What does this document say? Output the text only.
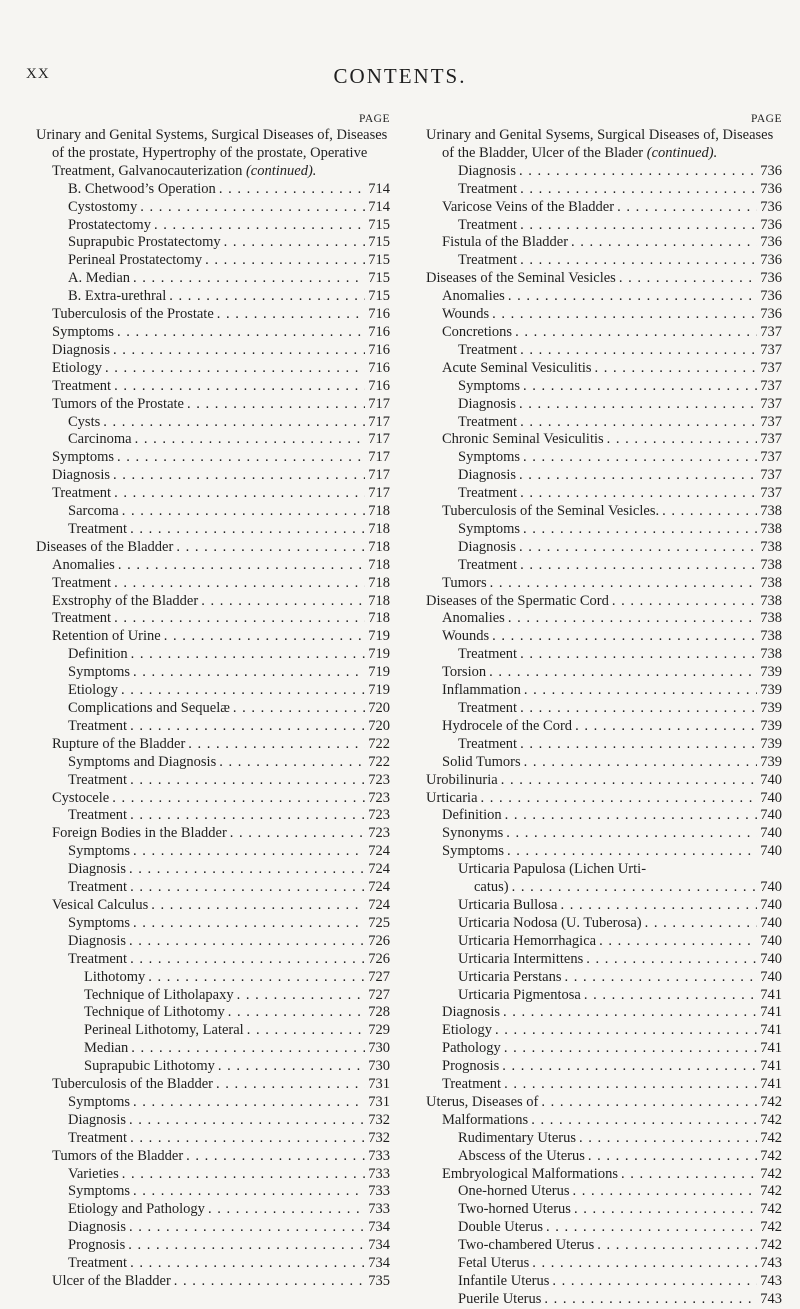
XX	CONTENTS.
PAGE
Urinary and Genital Systems, Surgical Diseases of, Diseases of the prostate, Hypertrophy of the prostate, Operative Treatment, Galvanocauterization (continued).
B. Chetwood’s Operation . . .	714
Cystostomy . . .	714
Prostatectomy . . .	715
Suprapubic Prostatectomy . . .	715
Perineal Prostatectomy . . .	715
A. Median . . .	715
B. Extra-urethral . . .	715
Tuberculosis of the Prostate . . .	716
Symptoms . . .	716
Diagnosis . . .	716
Etiology . . .	716
Treatment . . .	716
Tumors of the Prostate . . .	717
Cysts . . .	717
Carcinoma . . .	717
Symptoms . . .	717
Diagnosis . . .	717
Treatment . . .	717
Sarcoma . . .	718
Treatment . . .	718
Diseases of the Bladder . . .	718
Anomalies . . .	718
Treatment . . .	718
Exstrophy of the Bladder . . .	718
Treatment . . .	718
Retention of Urine . . .	719
Definition . . .	719
Symptoms . . .	719
Etiology . . .	719
Complications and Sequelæ . . .	720
Treatment . . .	720
Rupture of the Bladder . . .	722
Symptoms and Diagnosis . . .	722
Treatment . . .	723
Cystocele . . .	723
Treatment . . .	723
Foreign Bodies in the Bladder . . .	723
Symptoms . . .	724
Diagnosis . . .	724
Treatment . . .	724
Vesical Calculus . . .	724
Symptoms . . .	725
Diagnosis . . .	726
Treatment . . .	726
Lithotomy . . .	727
Technique of Litholapaxy . . .	727
Technique of Lithotomy . . .	728
Perineal Lithotomy, Lateral . . .	729
Median . . .	730
Suprapubic Lithotomy . . .	730
Tuberculosis of the Bladder . . .	731
Symptoms . . .	731
Diagnosis . . .	732
Treatment . . .	732
Tumors of the Bladder . . .	733
Varieties . . .	733
Symptoms . . .	733
Etiology and Pathology . . .	733
Diagnosis . . .	734
Prognosis . . .	734
Treatment . . .	734
Ulcer of the Bladder . . .	735
PAGE
Urinary and Genital Sysems, Surgical Diseases of, Diseases of the Bladder, Ulcer of the Blader (continued).
Diagnosis . . .	736
Treatment . . .	736
Varicose Veins of the Bladder . . .	736
Treatment . . .	736
Fistula of the Bladder . . .	736
Treatment . . .	736
Diseases of the Seminal Vesicles . . .	736
Anomalies . . .	736
Wounds . . .	736
Concretions . . .	737
Treatment . . .	737
Acute Seminal Vesiculitis . . .	737
Symptoms . . .	737
Diagnosis . . .	737
Treatment . . .	737
Chronic Seminal Vesiculitis . . .	737
Symptoms . . .	737
Diagnosis . . .	737
Treatment . . .	737
Tuberculosis of the Seminal Vesicles. . . .	738
Symptoms . . .	738
Diagnosis . . .	738
Treatment . . .	738
Tumors . . .	738
Diseases of the Spermatic Cord . . .	738
Anomalies . . .	738
Wounds . . .	738
Treatment . . .	738
Torsion . . .	739
Inflammation . . .	739
Treatment . . .	739
Hydrocele of the Cord . . .	739
Treatment . . .	739
Solid Tumors . . .	739
Urobilinuria . . .	740
Urticaria . . .	740
Definition . . .	740
Synonyms . . .	740
Symptoms . . .	740
Urticaria Papulosa (Lichen Urti-
catus) . . .	740
Urticaria Bullosa . . .	740
Urticaria Nodosa (U. Tuberosa) . . .	740
Urticaria Hemorrhagica . . .	740
Urticaria Intermittens . . .	740
Urticaria Perstans . . .	740
Urticaria Pigmentosa . . .	741
Diagnosis . . .	741
Etiology . . .	741
Pathology . . .	741
Prognosis . . .	741
Treatment . . .	741
Uterus, Diseases of . . .	742
Malformations . . .	742
Rudimentary Uterus . . .	742
Abscess of the Uterus . . .	742
Embryological Malformations . . .	742
One-horned Uterus . . .	742
Two-horned Uterus . . .	742
Double Uterus . . .	742
Two-chambered Uterus . . .	742
Fetal Uterus . . .	743
Infantile Uterus . . .	743
Puerile Uterus . . .	743
